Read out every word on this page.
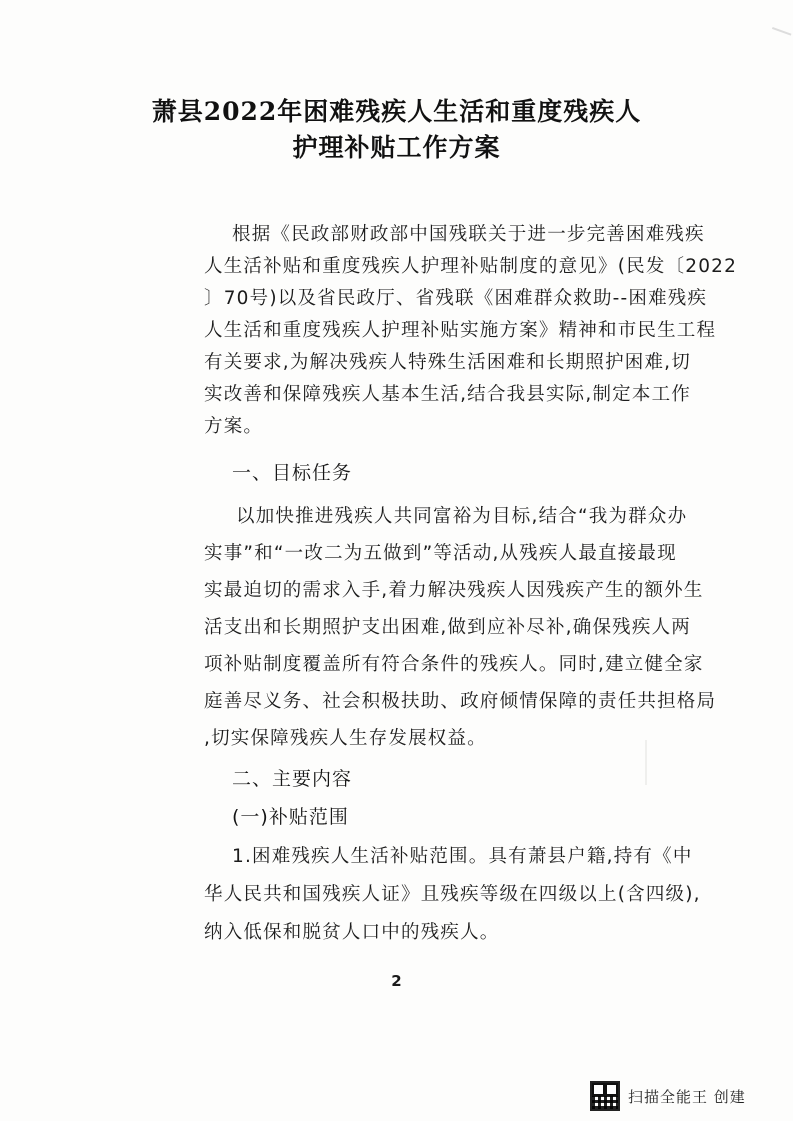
萧县2022年困难残疾人生活和重度残疾人
护理补贴工作方案
根据《民政部财政部中国残联关于进一步完善困难残疾
人生活补贴和重度残疾人护理补贴制度的意见》(民发〔2022
〕70号)以及省民政厅、省残联《困难群众救助--困难残疾
人生活和重度残疾人护理补贴实施方案》精神和市民生工程
有关要求,为解决残疾人特殊生活困难和长期照护困难,切
实改善和保障残疾人基本生活,结合我县实际,制定本工作
方案。
一、目标任务
以加快推进残疾人共同富裕为目标,结合“我为群众办
实事”和“一改二为五做到”等活动,从残疾人最直接最现
实最迫切的需求入手,着力解决残疾人因残疾产生的额外生
活支出和长期照护支出困难,做到应补尽补,确保残疾人两
项补贴制度覆盖所有符合条件的残疾人。同时,建立健全家
庭善尽义务、社会积极扶助、政府倾情保障的责任共担格局
,切实保障残疾人生存发展权益。
二、主要内容
(一)补贴范围
1.困难残疾人生活补贴范围。具有萧县户籍,持有《中
华人民共和国残疾人证》且残疾等级在四级以上(含四级),
纳入低保和脱贫人口中的残疾人。
2
扫描全能王 创建
